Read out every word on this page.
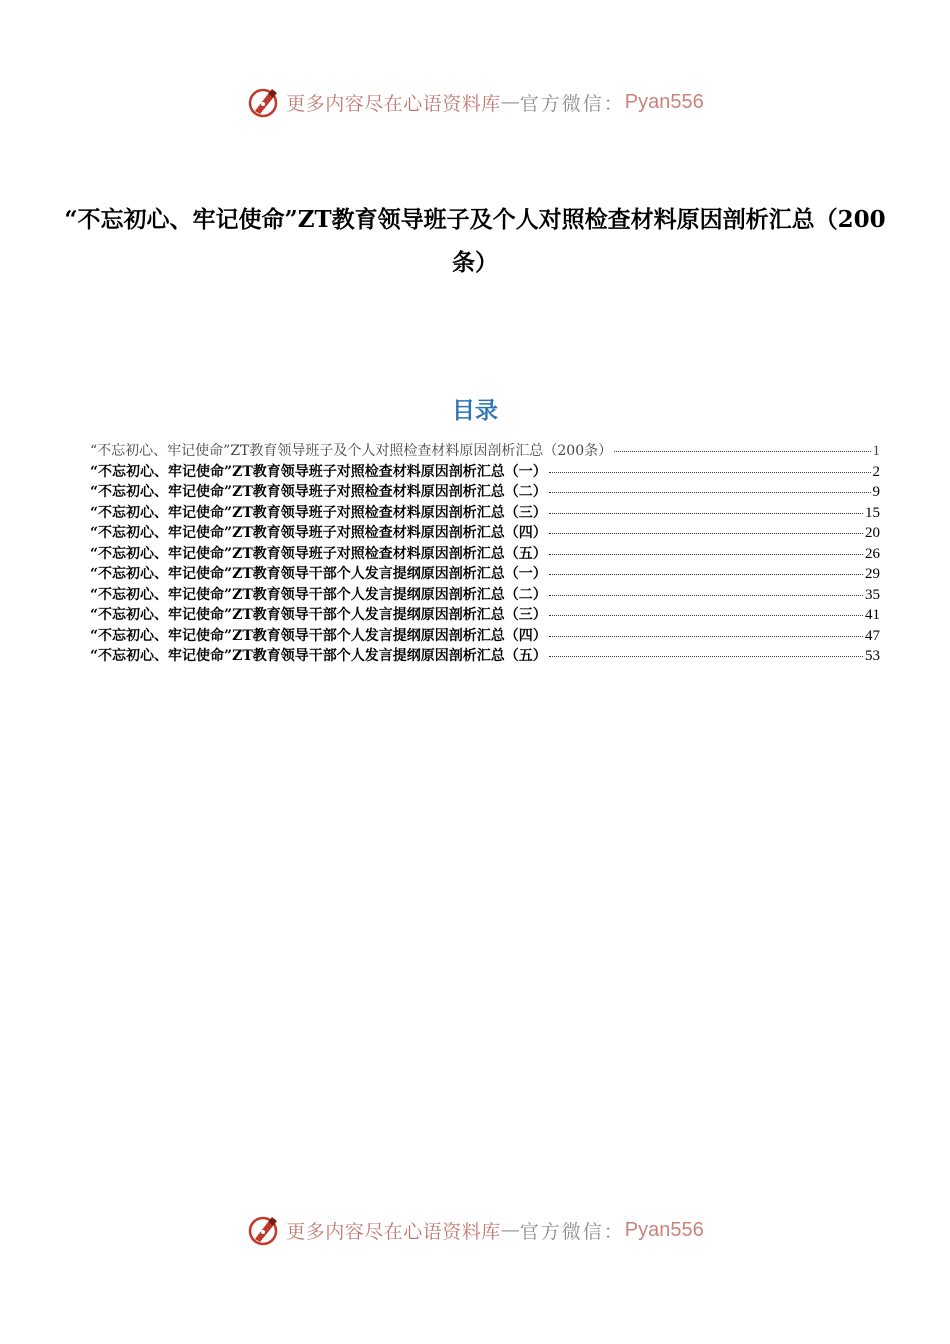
更多内容尽在心语资料库 — 官方微信： Pyan556
“不忘初心、牢记使命”ZT教育领导班子及个人对照检查材料原因剖析汇总（200条）
目录
“不忘初心、牢记使命”ZT教育领导班子及个人对照检查材料原因剖析汇总（200条）	1
“不忘初心、牢记使命”ZT教育领导班子对照检查材料原因剖析汇总（一）	2
“不忘初心、牢记使命”ZT教育领导班子对照检查材料原因剖析汇总（二）	9
“不忘初心、牢记使命”ZT教育领导班子对照检查材料原因剖析汇总（三）	15
“不忘初心、牢记使命”ZT教育领导班子对照检查材料原因剖析汇总（四）	20
“不忘初心、牢记使命”ZT教育领导班子对照检查材料原因剖析汇总（五）	26
“不忘初心、牢记使命”ZT教育领导干部个人发言提纲原因剖析汇总（一）	29
“不忘初心、牢记使命”ZT教育领导干部个人发言提纲原因剖析汇总（二）	35
“不忘初心、牢记使命”ZT教育领导干部个人发言提纲原因剖析汇总（三）	41
“不忘初心、牢记使命”ZT教育领导干部个人发言提纲原因剖析汇总（四）	47
“不忘初心、牢记使命”ZT教育领导干部个人发言提纲原因剖析汇总（五）	53
更多内容尽在心语资料库 — 官方微信： Pyan556
